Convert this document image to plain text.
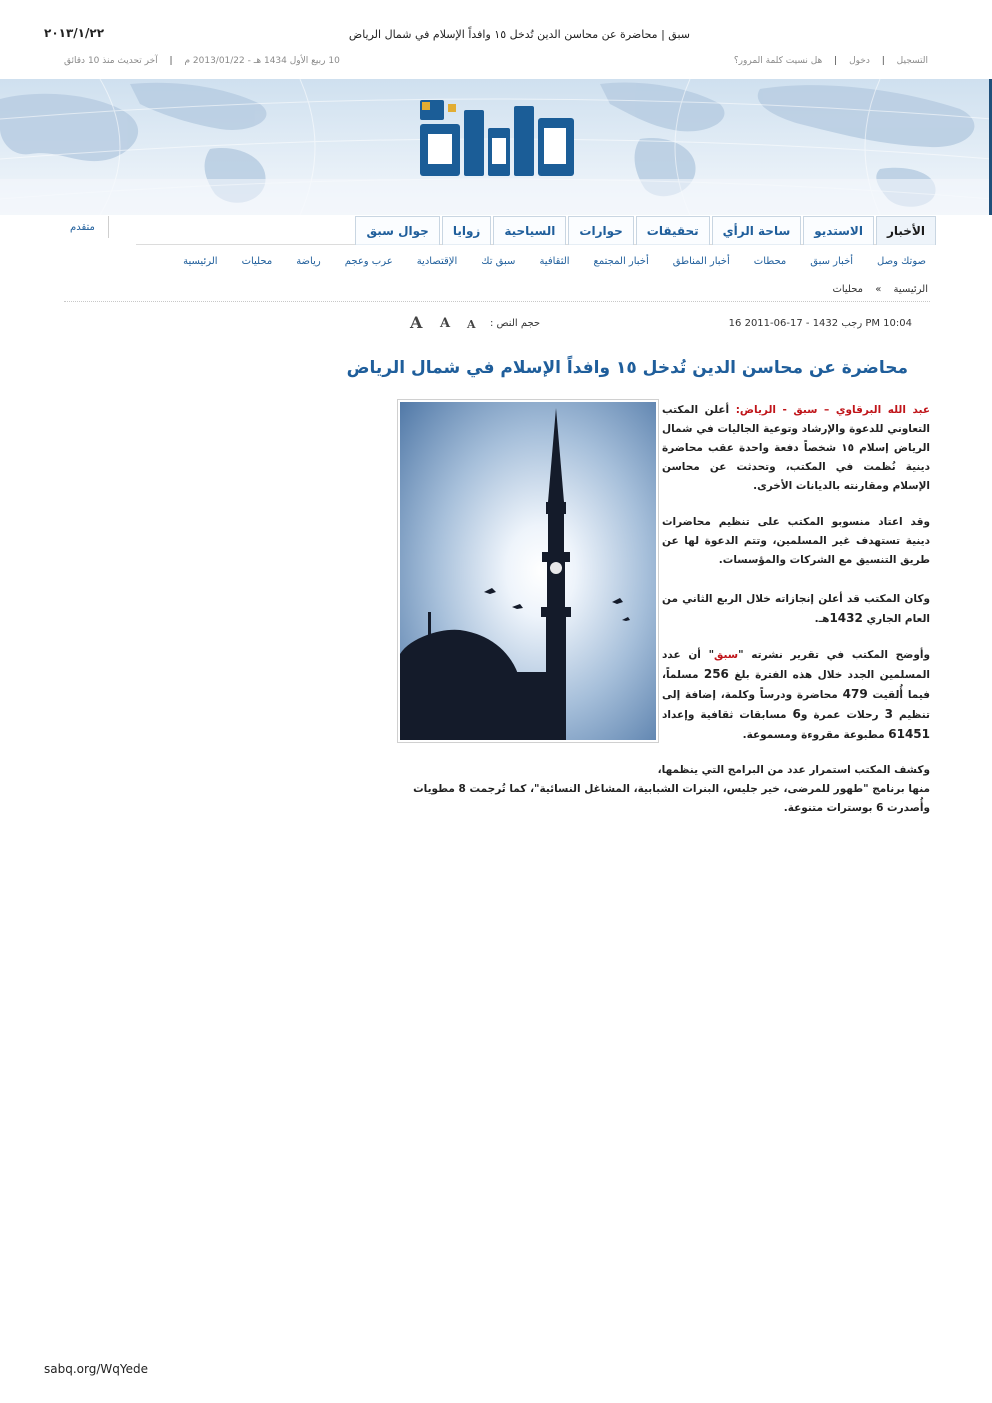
٢٠١٣/١/٢٢	سبق | محاضرة عن محاسن الدين تُدخل ١٥ وافداً الإسلام في شمال الرياض
التسجيل | دخول | هل نسيت كلمة المرور؟
10 ربيع الأول 1434 هـ - 2013/01/22 م | آخر تحديث منذ 10 دقائق
الأخبار
الاستديو
ساحة الرأي
تحقيقات
حوارات
السياحية
زوايا
جوال سبق
متقدم
الرئيسية محليات رياضة عرب وعجم الإقتصادية سبق تك الثقافية أخبار المجتمع أخبار المناطق محطات أخبار سبق صوتك وصل
الرئيسية » محليات
16 رجب 1432 - 17-06-2011 PM 10:04
حجم النص :
A
A
A
محاضرة عن محاسن الدين تُدخل ١٥ وافداً الإسلام في شمال الرياض
عبد الله البرقاوي – سبق - الرياض: أعلن المكتب التعاوني للدعوة والإرشاد وتوعية الجاليات في شمال الرياض إسلام ١٥ شخصاً دفعة واحدة عقب محاضرة دينية نُظمت في المكتب، وتحدثت عن محاسن الإسلام ومقارنته بالديانات الأخرى.
وقد اعتاد منسوبو المكتب على تنظيم محاضرات دينية تستهدف غير المسلمين، وتتم الدعوة لها عن طريق التنسيق مع الشركات والمؤسسات.
وكان المكتب قد أعلن إنجازاته خلال الربع الثاني من العام الجاري 1432هـ.
وأوضح المكتب في تقرير نشرته "سبق" أن عدد المسلمين الجدد خلال هذه الفترة بلغ 256 مسلماً، فيما أُلقيت 479 محاضرة ودرساً وكلمة، إضافة إلى تنظيم 3 رحلات عمرة و6 مسابقات ثقافية وإعداد 61451 مطبوعة مقروءة ومسموعة.
وكشف المكتب استمرار عدد من البرامج التي ينظمها،
منها برنامج "طهور للمرضى، خير جليس، البنرات الشبابية، المشاغل النسائية"، كما تُرجمت 8 مطويات وأُصدرت 6 بوسترات متنوعة.
sabq.org/WqYede
